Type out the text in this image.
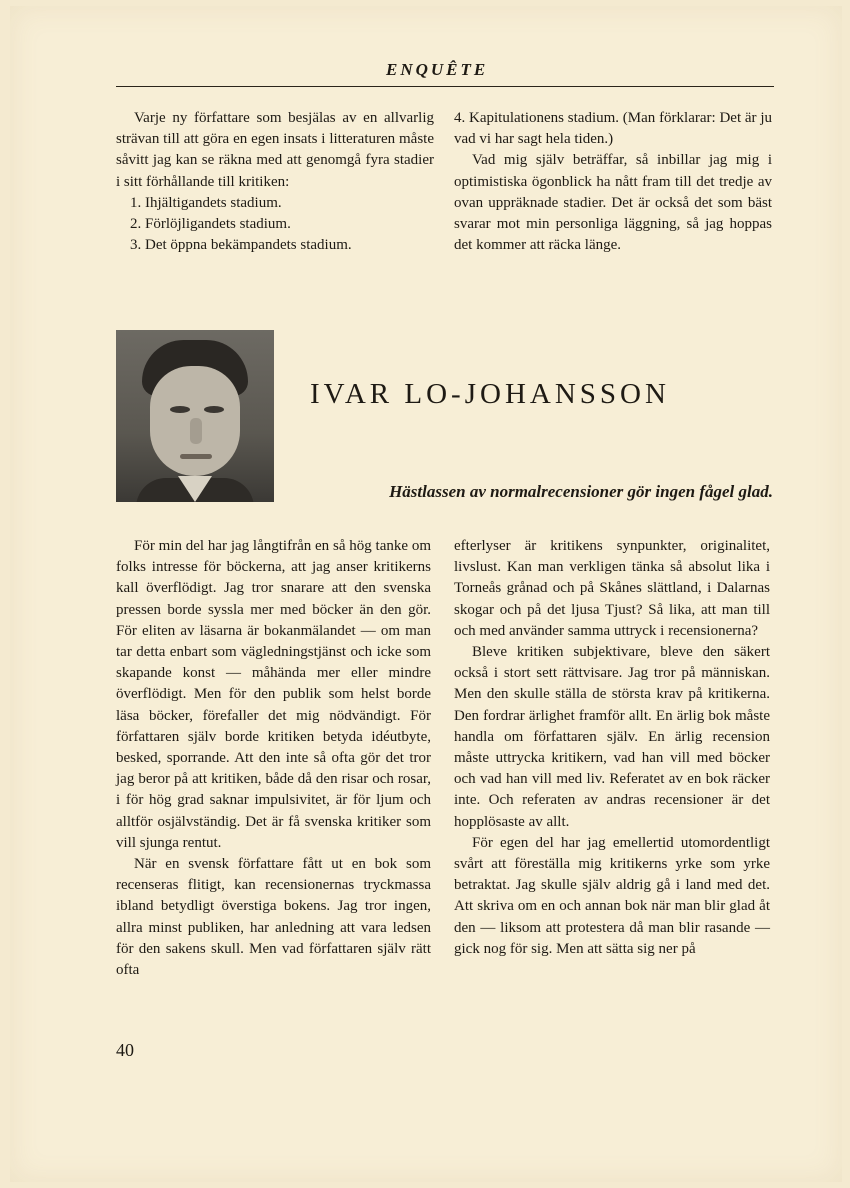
ENQUÊTE

Varje ny författare som besjälas av en allvarlig strävan till att göra en egen insats i litteraturen måste såvitt jag kan se räkna med att genomgå fyra stadier i sitt förhållande till kritiken:

1. Ihjältigandets stadium.

2. Förlöjligandets stadium.

3. Det öppna bekämpandets stadium.

4. Kapitulationens stadium. (Man förklarar: Det är ju vad vi har sagt hela tiden.)

Vad mig själv beträffar, så inbillar jag mig i optimistiska ögonblick ha nått fram till det tredje av ovan uppräknade stadier. Det är också det som bäst svarar mot min personliga läggning, så jag hoppas det kommer att räcka länge.

IVAR LO-JOHANSSON
Hästlassen av normalrecensioner gör ingen fågel glad.

För min del har jag långtifrån en så hög tanke om folks intresse för böckerna, att jag anser kritikerns kall överflödigt. Jag tror snarare att den svenska pressen borde syssla mer med böcker än den gör. För eliten av läsarna är bokanmälandet — om man tar detta enbart som vägledningstjänst och icke som skapande konst — måhända mer eller mindre överflödigt. Men för den publik som helst borde läsa böcker, förefaller det mig nödvändigt. För författaren själv borde kritiken betyda idéutbyte, besked, sporrande. Att den inte så ofta gör det tror jag beror på att kritiken, både då den risar och rosar, i för hög grad saknar impulsivitet, är för ljum och alltför osjälvständig. Det är få svenska kritiker som vill sjunga rentut.

När en svensk författare fått ut en bok som recenseras flitigt, kan recensionernas tryckmassa ibland betydligt överstiga bokens. Jag tror ingen, allra minst publiken, har anledning att vara ledsen för den sakens skull. Men vad författaren själv rätt ofta

efterlyser är kritikens synpunkter, originalitet, livslust. Kan man verkligen tänka så absolut lika i Torneås grånad och på Skånes slättland, i Dalarnas skogar och på det ljusa Tjust? Så lika, att man till och med använder samma uttryck i recensionerna?

Bleve kritiken subjektivare, bleve den säkert också i stort sett rättvisare. Jag tror på människan. Men den skulle ställa de största krav på kritikerna. Den fordrar ärlighet framför allt. En ärlig bok måste handla om författaren själv. En ärlig recension måste uttrycka kritikern, vad han vill med böcker och vad han vill med liv. Referatet av en bok räcker inte. Och referaten av andras recensioner är det hopplösaste av allt.

För egen del har jag emellertid utomordentligt svårt att föreställa mig kritikerns yrke som yrke betraktat. Jag skulle själv aldrig gå i land med det. Att skriva om en och annan bok när man blir glad åt den — liksom att protestera då man blir rasande — gick nog för sig. Men att sätta sig ner på

40
